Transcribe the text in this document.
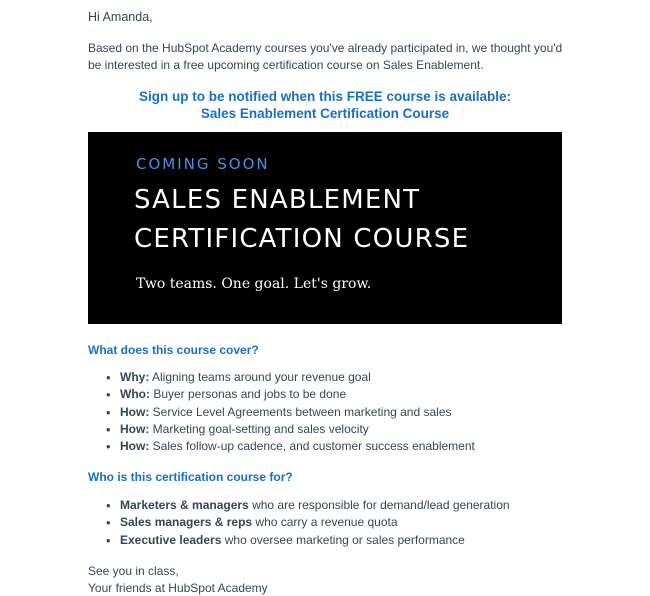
Hi Amanda,

Based on the HubSpot Academy courses you've already participated in, we thought you'd be interested in a free upcoming certification course on Sales Enablement.

Sign up to be notified when this FREE course is available:
Sales Enablement Certification Course
COMING SOON
SALES ENABLEMENT
CERTIFICATION COURSE
Two teams. One goal. Let's grow.
What does this course cover?
• Why: Aligning teams around your revenue goal
• Who: Buyer personas and jobs to be done
• How: Service Level Agreements between marketing and sales
• How: Marketing goal-setting and sales velocity
• How: Sales follow-up cadence, and customer success enablement
Who is this certification course for?
• Marketers & managers who are responsible for demand/lead generation
• Sales managers & reps who carry a revenue quota
• Executive leaders who oversee marketing or sales performance
See you in class,
Your friends at HubSpot Academy
